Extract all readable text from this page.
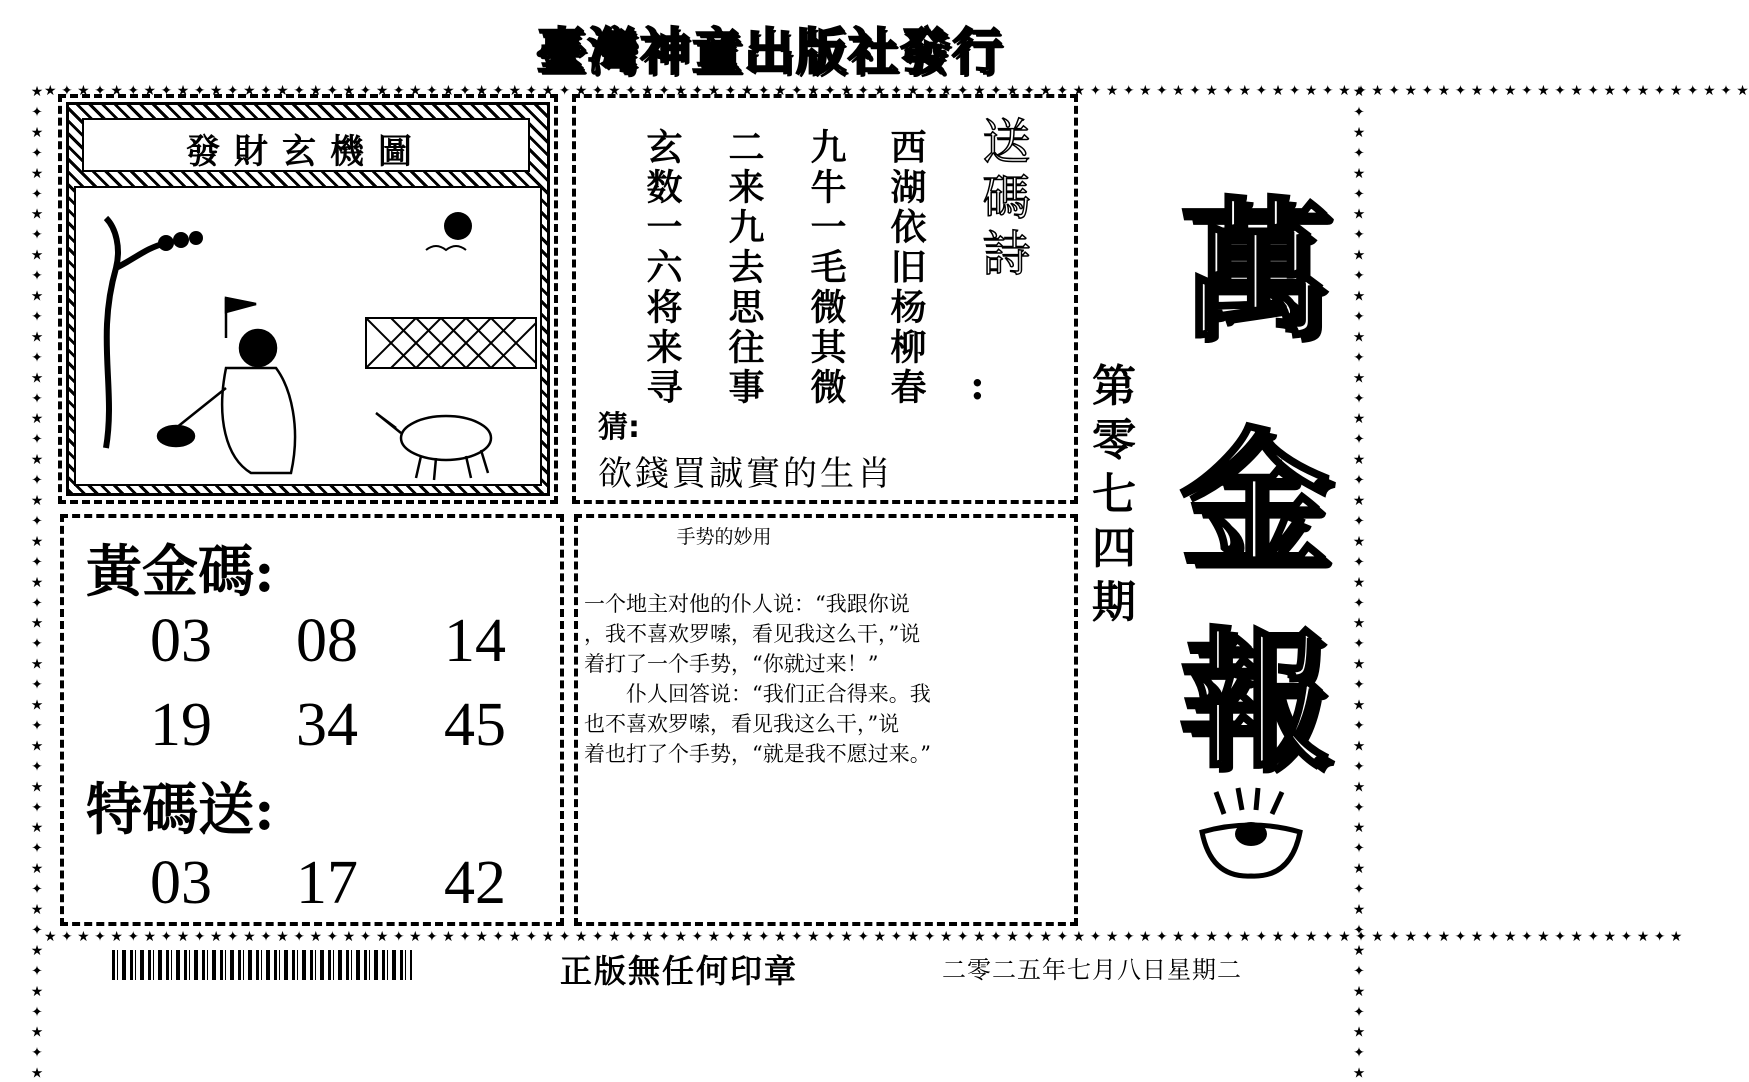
臺灣神童出版社發行
★ ✦ ★ ✦ ★ ✦ ★ ✦ ★ ✦ ★ ✦ ★ ✦ ★ ✦ ★ ✦ ★ ✦ ★ ✦ ★ ✦ ★ ✦ ★ ✦ ★ ✦ ★ ✦ ★ ✦ ★ ✦ ★ ✦ ★ ✦ ★ ✦ ★ ✦ ★ ✦ ★ ✦ ★ ✦ ★ ✦ ★ ✦ ★ ✦ ★ ✦ ★ ✦ ★ ✦ ★ ✦ ★ ✦ ★ ✦ ★ ✦ ★ ✦ ★ ✦ ★ ✦ ★ ✦ ★ ✦ ★ ✦ ★ ✦ ★ ✦ ★ ✦ ★ ✦ ★ ✦ ★ ✦ ★ ✦ ★ ✦ ★ ✦ ★ ✦ ★
★ ✦ ★ ✦ ★ ✦ ★ ✦ ★ ✦ ★ ✦ ★ ✦ ★ ✦ ★ ✦ ★ ✦ ★ ✦ ★ ✦ ★ ✦ ★ ✦ ★ ✦ ★ ✦ ★ ✦ ★ ✦ ★ ✦ ★ ✦ ★ ✦ ★ ✦ ★ ✦ ★ ✦ ★ ✦ ★ ✦ ★ ✦ ★ ✦ ★ ✦ ★ ✦ ★ ✦ ★ ✦ ★ ✦ ★ ✦ ★ ✦ ★ ✦ ★ ✦ ★ ✦ ★ ✦ ★ ✦ ★ ✦ ★ ✦ ★ ✦ ★ ✦ ★ ✦ ★ ✦ ★ ✦ ★ ✦ ★ ✦ ★
★ ✦ ★ ✦ ★ ✦ ★ ✦ ★ ✦ ★ ✦ ★ ✦ ★ ✦ ★ ✦ ★ ✦ ★ ✦ ★ ✦ ★ ✦ ★ ✦ ★ ✦ ★ ✦ ★ ✦ ★ ✦ ★ ✦ ★ ✦ ★ ✦ ★ ✦ ★ ✦ ★ ✦ ★	★ ✦ ★ ✦ ★ ✦ ★ ✦ ★ ✦ ★ ✦ ★ ✦ ★ ✦ ★ ✦ ★ ✦ ★ ✦ ★ ✦ ★ ✦ ★ ✦ ★ ✦ ★ ✦ ★ ✦ ★ ✦ ★ ✦ ★ ✦ ★ ✦ ★ ✦ ★ ✦ ★ ✦ ★
發財玄機圖	送碼詩
:
西湖依旧杨柳春
九牛一毛微其微
二来九去思往事
玄数一六将来寻
猜:
欲錢買誠實的生肖
黃金碼:
03	08	14
19	34	45
特碼送:
03	17	42
手势的妙用
一个地主对他的仆人说：“我跟你说
，我不喜欢罗嗦，看见我这么干，”说
着打了一个手势，“你就过来！”
　　仆人回答说：“我们正合得来。我
也不喜欢罗嗦，看见我这么干，”说
着也打了个手势，“就是我不愿过来。”
第
零
七
四
期
萬
金
報
正版無任何印章	二零二五年七月八日星期二
